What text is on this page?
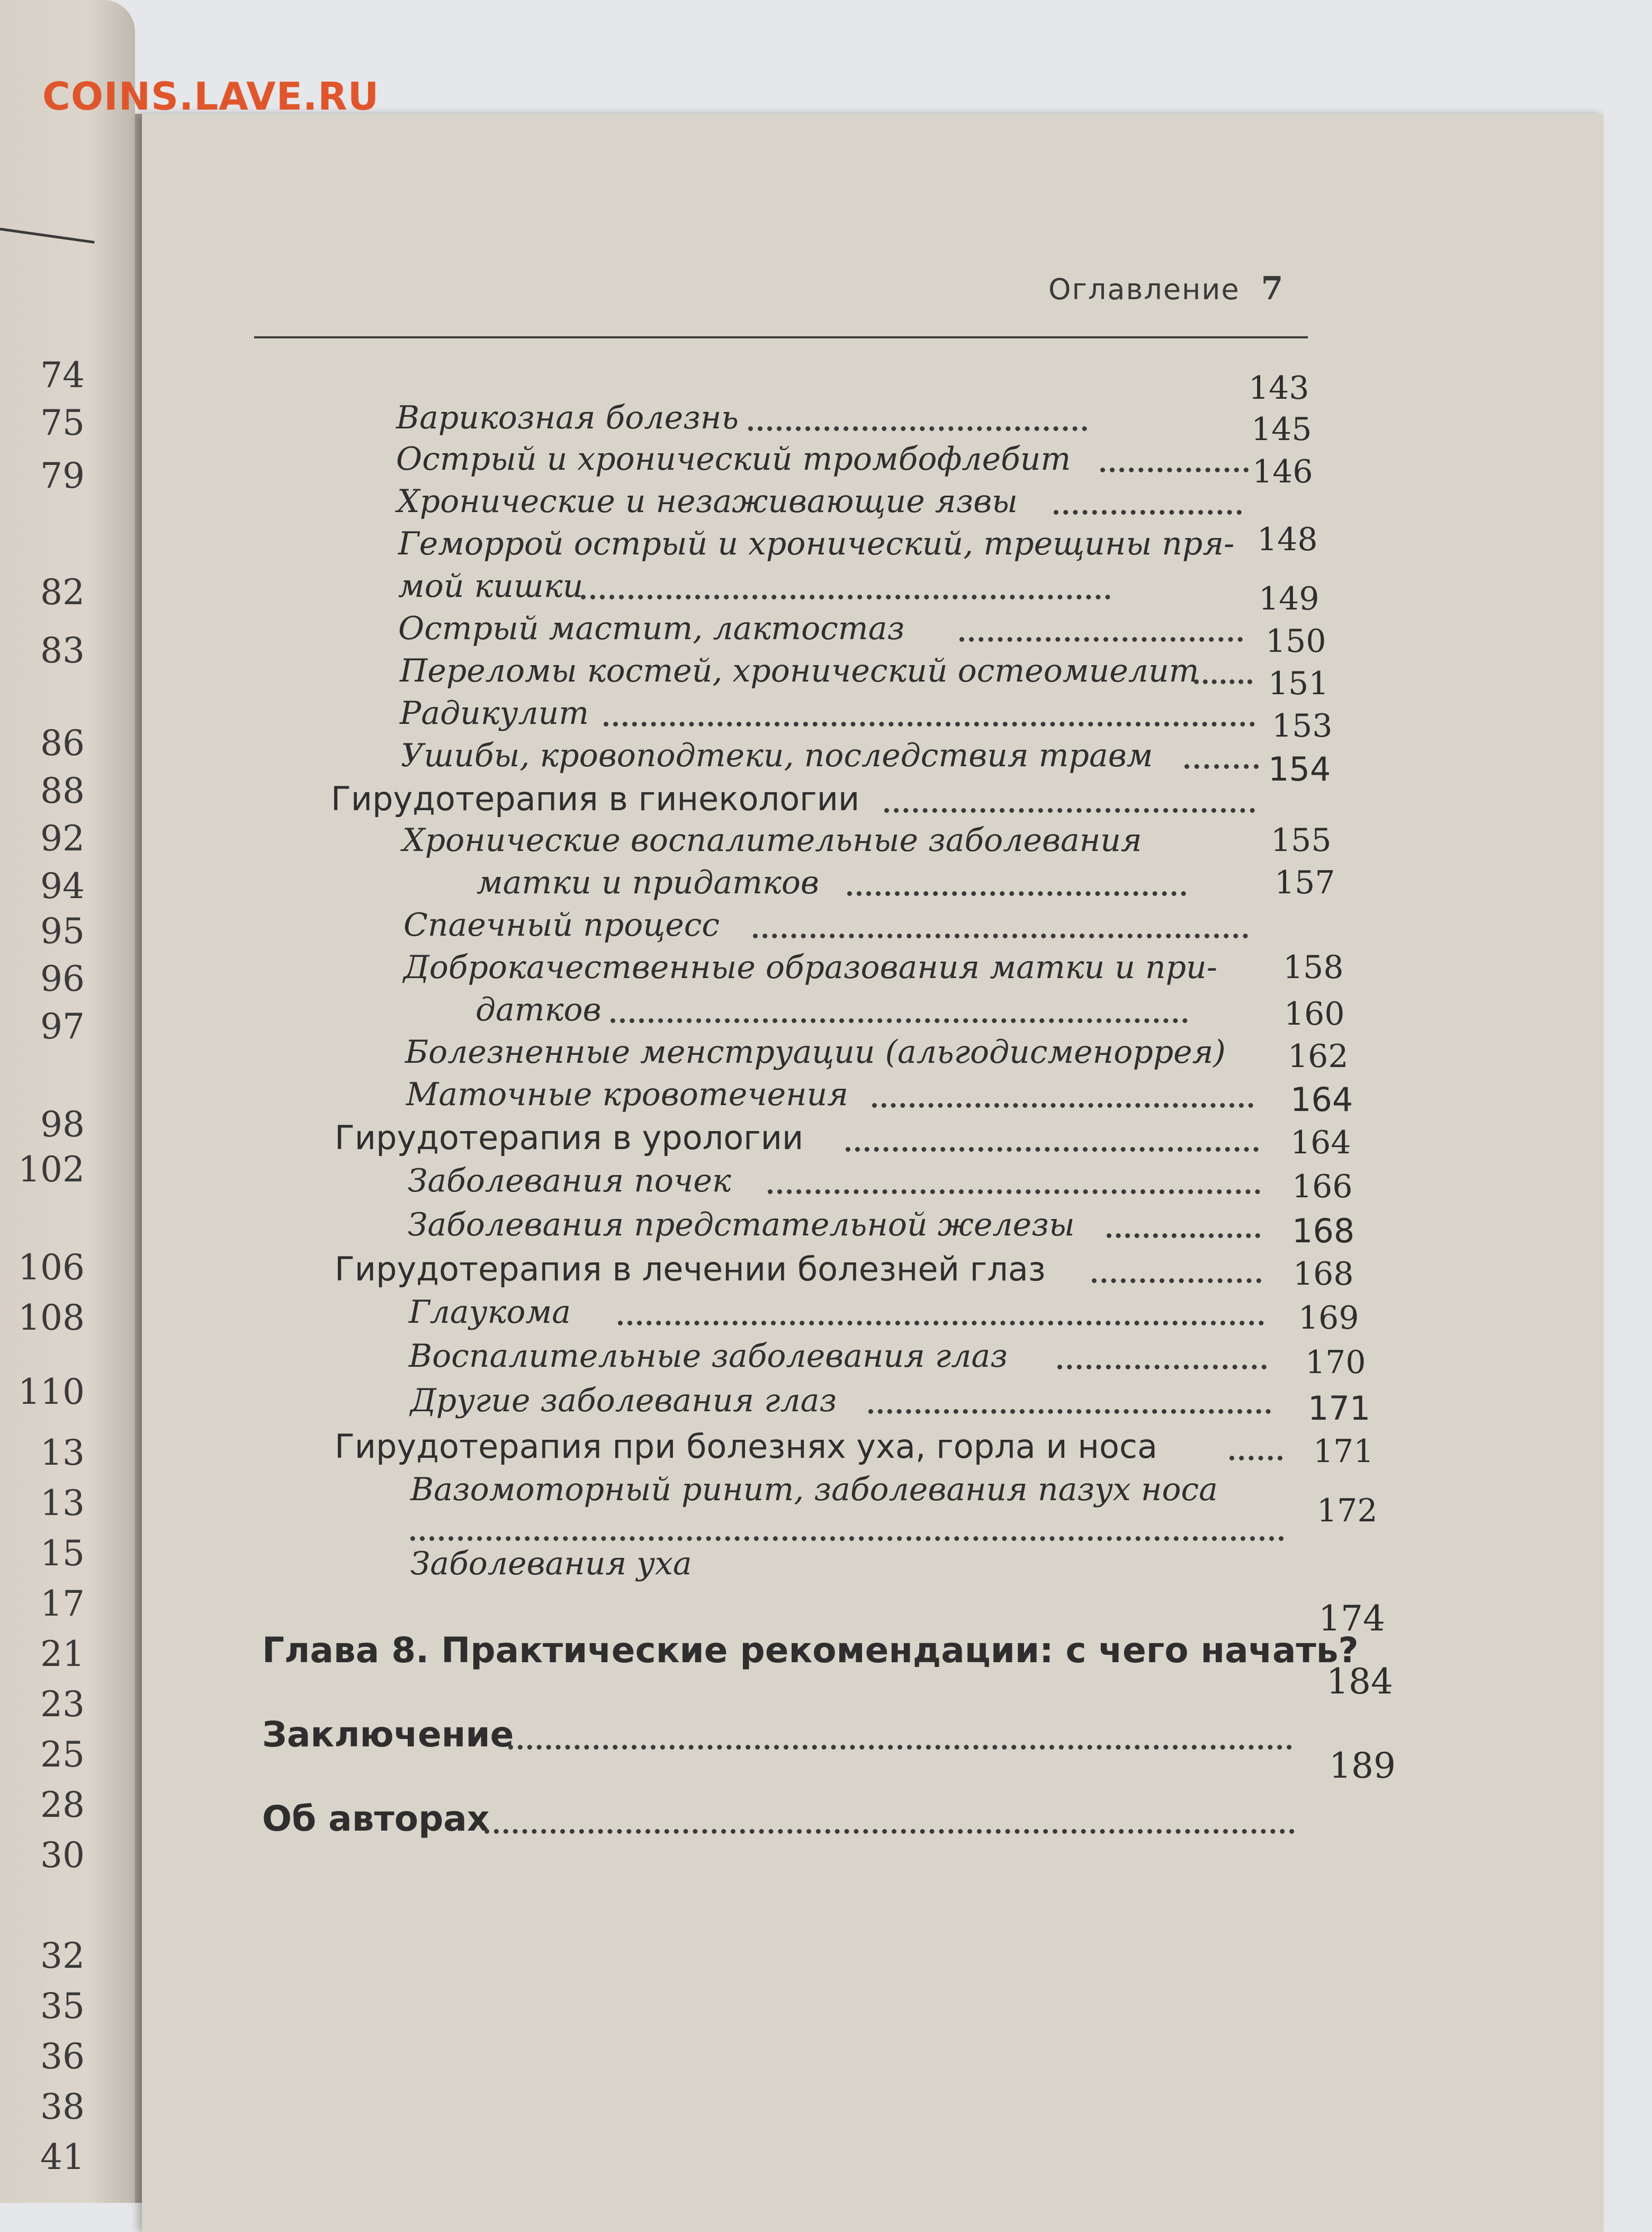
74
75
79
82
83
86
88
92
94
95
96
97
98
102
106
108
110
13
13
15
17
21
23
25
28
30
32
35
36
38
41
COINS.LAVE.RU
Оглавление 7
Варикозная болезнь
143
Острый и хронический тромбофлебит
145
Хронические и незаживающие язвы
146
Геморрой острый и хронический, трещины пря-
мой кишки
148
Острый мастит, лактостаз
149
Переломы костей, хронический остеомиелит
150
Радикулит
151
Ушибы, кровоподтеки, последствия травм
153
Гирудотерапия в гинекологии
154
Хронические воспалительные заболевания
матки и придатков
155
Спаечный процесс
157
Доброкачественные образования матки и при-
датков
158
Болезненные менструации (альгодисменоррея)
160
Маточные кровотечения
162
Гирудотерапия в урологии
164
Заболевания почек
164
Заболевания предстательной железы
166
Гирудотерапия в лечении болезней глаз
168
Глаукома
168
Воспалительные заболевания глаз
169
Другие заболевания глаз
170
Гирудотерапия при болезнях уха, горла и носа
171
Вазомоторный ринит, заболевания пазух носа
171
Заболевания уха
172
Глава 8. Практические рекомендации: с чего начать?
174
Заключение
184
Об авторах
189
